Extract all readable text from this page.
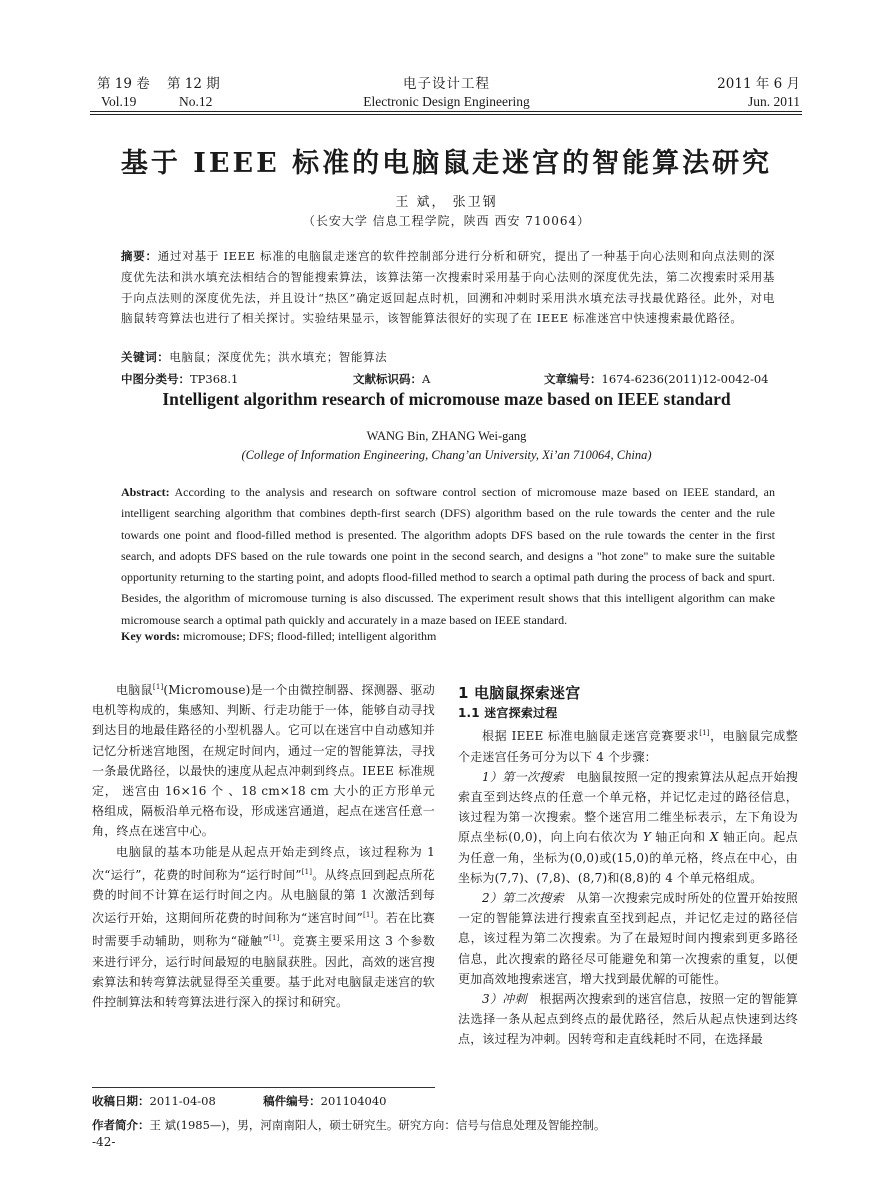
第 19 卷 第 12 期
Vol.19	No.12
电子设计工程
Electronic Design Engineering
2011 年 6 月
Jun. 2011
基于 IEEE 标准的电脑鼠走迷宫的智能算法研究
王 斌， 张卫钢
（长安大学 信息工程学院，陕西 西安 710064）
摘要：通过对基于 IEEE 标准的电脑鼠走迷宫的软件控制部分进行分析和研究，提出了一种基于向心法则和向点法则的深度优先法和洪水填充法相结合的智能搜索算法，该算法第一次搜索时采用基于向心法则的深度优先法，第二次搜索时采用基于向点法则的深度优先法，并且设计“热区”确定返回起点时机，回溯和冲刺时采用洪水填充法寻找最优路径。此外，对电脑鼠转弯算法也进行了相关探讨。实验结果显示，该智能算法很好的实现了在 IEEE 标准迷宫中快速搜索最优路径。
关键词：电脑鼠；深度优先；洪水填充；智能算法
中图分类号：TP368.1	文献标识码：A	文章编号：1674-6236(2011)12-0042-04
Intelligent algorithm research of micromouse maze based on IEEE standard
WANG Bin, ZHANG Wei-gang
(College of Information Engineering, Chang’an University, Xi’an 710064, China)
Abstract: According to the analysis and research on software control section of micromouse maze based on IEEE standard, an intelligent searching algorithm that combines depth-first search (DFS) algorithm based on the rule towards the center and the rule towards one point and flood-filled method is presented. The algorithm adopts DFS based on the rule towards the center in the first search, and adopts DFS based on the rule towards one point in the second search, and designs a "hot zone" to make sure the suitable opportunity returning to the starting point, and adopts flood-filled method to search a optimal path during the process of back and spurt. Besides, the algorithm of micromouse turning is also discussed. The experiment result shows that this intelligent algorithm can make micromouse search a optimal path quickly and accurately in a maze based on IEEE standard.
Key words: micromouse; DFS; flood-filled; intelligent algorithm

电脑鼠[1](Micromouse)是一个由微控制器、探测器、驱动电机等构成的，集感知、判断、行走功能于一体，能够自动寻找到达目的地最佳路径的小型机器人。它可以在迷宫中自动感知并记忆分析迷宫地图，在规定时间内，通过一定的智能算法，寻找一条最优路径，以最快的速度从起点冲刺到终点。IEEE 标准规定， 迷宫由 16×16 个 、18 cm×18 cm 大小的正方形单元格组成，隔板沿单元格布设，形成迷宫通道，起点在迷宫任意一角，终点在迷宫中心。

电脑鼠的基本功能是从起点开始走到终点，该过程称为 1 次“运行”，花费的时间称为“运行时间”[1]。从终点回到起点所花费的时间不计算在运行时间之内。从电脑鼠的第 1 次激活到每次运行开始，这期间所花费的时间称为“迷宫时间”[1]。若在比赛时需要手动辅助，则称为“碰触”[1]。竞赛主要采用这 3 个参数来进行评分，运行时间最短的电脑鼠获胜。因此，高效的迷宫搜索算法和转弯算法就显得至关重要。基于此对电脑鼠走迷宫的软件控制算法和转弯算法进行深入的探讨和研究。

1 电脑鼠探索迷宫

1.1 迷宫探索过程

根据 IEEE 标准电脑鼠走迷宫竞赛要求[1]，电脑鼠完成整个走迷宫任务可分为以下 4 个步骤：

1）第一次搜索 电脑鼠按照一定的搜索算法从起点开始搜索直至到达终点的任意一个单元格，并记忆走过的路径信息，该过程为第一次搜索。整个迷宫用二维坐标表示，左下角设为原点坐标(0,0)，向上向右依次为 Y 轴正向和 X 轴正向。起点为任意一角，坐标为(0,0)或(15,0)的单元格，终点在中心，由坐标为(7,7)、(7,8)、(8,7)和(8,8)的 4 个单元格组成。

2）第二次搜索 从第一次搜索完成时所处的位置开始按照一定的智能算法进行搜索直至找到起点，并记忆走过的路径信息，该过程为第二次搜索。为了在最短时间内搜索到更多路径信息，此次搜索的路径尽可能避免和第一次搜索的重复，以便更加高效地搜索迷宫，增大找到最优解的可能性。

3）冲刺 根据两次搜索到的迷宫信息，按照一定的智能算法选择一条从起点到终点的最优路径，然后从起点快速到达终点，该过程为冲刺。因转弯和走直线耗时不同，在选择最

收稿日期：2011-04-08	稿件编号：201104040
作者简介：王 斌(1985—)，男，河南南阳人，硕士研究生。研究方向：信号与信息处理及智能控制。
-42-
